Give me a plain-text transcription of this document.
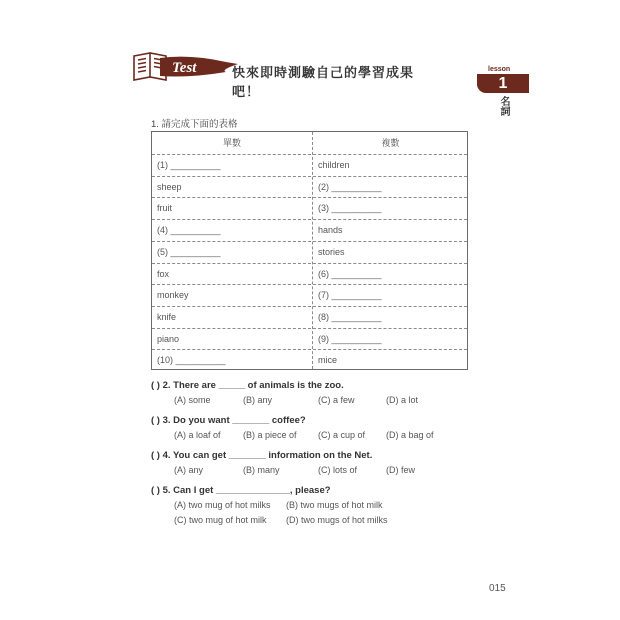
Test	快來即時測驗自己的學習成果吧！
lesson
1
名詞
1. 請完成下面的表格
單數	複數
(1) __________	children
sheep	(2) __________
fruit	(3) __________
(4) __________	hands
(5) __________	stories
fox	(6) __________
monkey	(7) __________
knife	(8) __________
piano	(9) __________
(10) __________	mice
( ) 2. There are _____ of animals is the zoo.
(A) some	(B) any	(C) a few	(D) a lot
( ) 3. Do you want _______ coffee?
(A) a loaf of (B) a piece of (C) a cup of (D) a bag of
( ) 4. You can get _______ information on the Net.
(A) any	(B) many	(C) lots of	(D) few
( ) 5. Can I get ______________, please?
(A) two mug of hot milks (B) two mugs of hot milk
(C) two mug of hot milk (D) two mugs of hot milks
015
